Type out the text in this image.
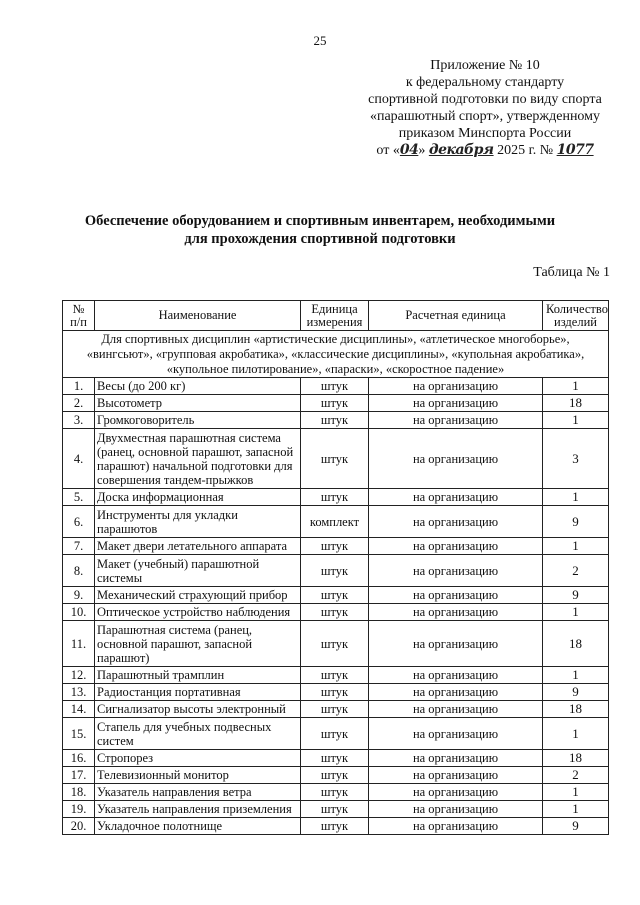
25
Приложение № 10
к федеральному стандарту
спортивной подготовки по виду спорта
«парашютный спорт», утвержденному
приказом Минспорта России
от «04» декабря 2025 г. № 1077
Обеспечение оборудованием и спортивным инвентарем, необходимыми
для прохождения спортивной подготовки
Таблица № 1
№ п/п	Наименование	Единица измерения	Расчетная единица	Количество изделий
Для спортивных дисциплин «артистические дисциплины», «атлетическое многоборье», «вингсьют», «групповая акробатика», «классические дисциплины», «купольная акробатика», «купольное пилотирование», «параски», «скоростное падение»				
1.	Весы (до 200 кг)	штук	на организацию	1
2.	Высотометр	штук	на организацию	18
3.	Громкоговоритель	штук	на организацию	1
4.	Двухместная парашютная система (ранец, основной парашют, запасной парашют) начальной подготовки для совершения тандем-прыжков	штук	на организацию	3
5.	Доска информационная	штук	на организацию	1
6.	Инструменты для укладки парашютов	комплект	на организацию	9
7.	Макет двери летательного аппарата	штук	на организацию	1
8.	Макет (учебный) парашютной системы	штук	на организацию	2
9.	Механический страхующий прибор	штук	на организацию	9
10.	Оптическое устройство наблюдения	штук	на организацию	1
11.	Парашютная система (ранец, основной парашют, запасной парашют)	штук	на организацию	18
12.	Парашютный трамплин	штук	на организацию	1
13.	Радиостанция портативная	штук	на организацию	9
14.	Сигнализатор высоты электронный	штук	на организацию	18
15.	Стапель для учебных подвесных систем	штук	на организацию	1
16.	Стропорез	штук	на организацию	18
17.	Телевизионный монитор	штук	на организацию	2
18.	Указатель направления ветра	штук	на организацию	1
19.	Указатель направления приземления	штук	на организацию	1
20.	Укладочное полотнище	штук	на организацию	9
